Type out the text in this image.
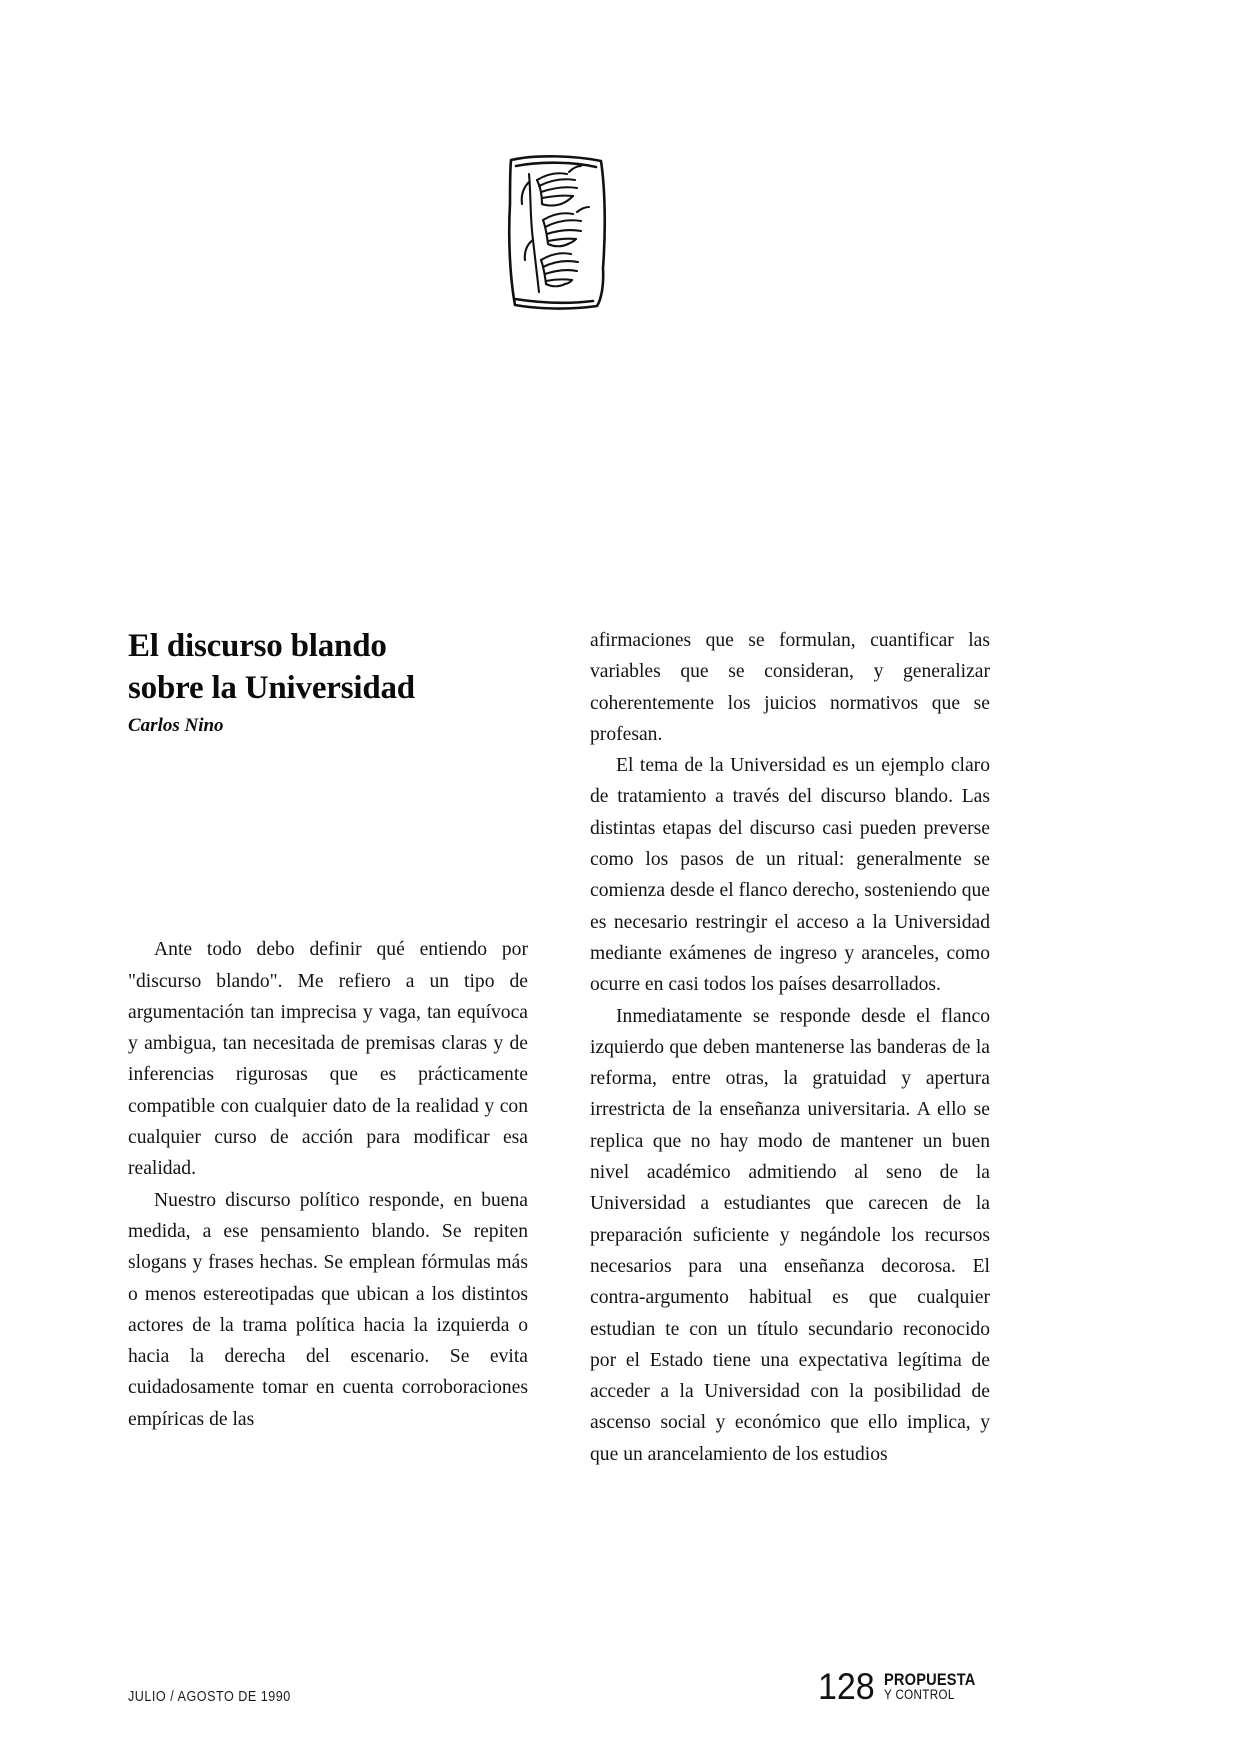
El discurso blando
sobre la Universidad

Carlos Nino

Ante todo debo definir qué entiendo por "discurso blando". Me refiero a un tipo de argumentación tan imprecisa y vaga, tan equívoca y ambigua, tan necesitada de premisas claras y de inferencias rigurosas que es prácticamente compatible con cualquier dato de la realidad y con cualquier curso de acción para modificar esa realidad.

Nuestro discurso político responde, en buena medida, a ese pensamiento blando. Se repiten slogans y frases hechas. Se emplean fórmulas más o menos estereotipadas que ubican a los distintos actores de la trama política hacia la izquierda o hacia la derecha del escenario. Se evita cuidadosamente tomar en cuenta corroboraciones empíricas de las

afirmaciones que se formulan, cuantificar las variables que se consideran, y generalizar coherentemente los juicios normativos que se profesan.

El tema de la Universidad es un ejemplo claro de tratamiento a través del discurso blando. Las distintas etapas del discurso casi pueden preverse como los pasos de un ritual: generalmente se comienza desde el flanco derecho, sosteniendo que es necesario restringir el acceso a la Universidad mediante exámenes de ingreso y aranceles, como ocurre en casi todos los países desarrollados.

Inmediatamente se responde desde el flanco izquierdo que deben mantenerse las banderas de la reforma, entre otras, la gratuidad y apertura irrestricta de la enseñanza universitaria. A ello se replica que no hay modo de mantener un buen nivel académico admitiendo al seno de la Universidad a estudiantes que carecen de la preparación suficiente y negándole los recursos necesarios para una enseñanza decorosa. El contra-argumento habitual es que cualquier estudian te con un título secundario reconocido por el Estado tiene una expectativa legítima de acceder a la Universidad con la posibilidad de ascenso social y económico que ello implica, y que un arancelamiento de los estudios

JULIO / AGOSTO DE 1990	128 PROPUESTA
Y CONTROL
